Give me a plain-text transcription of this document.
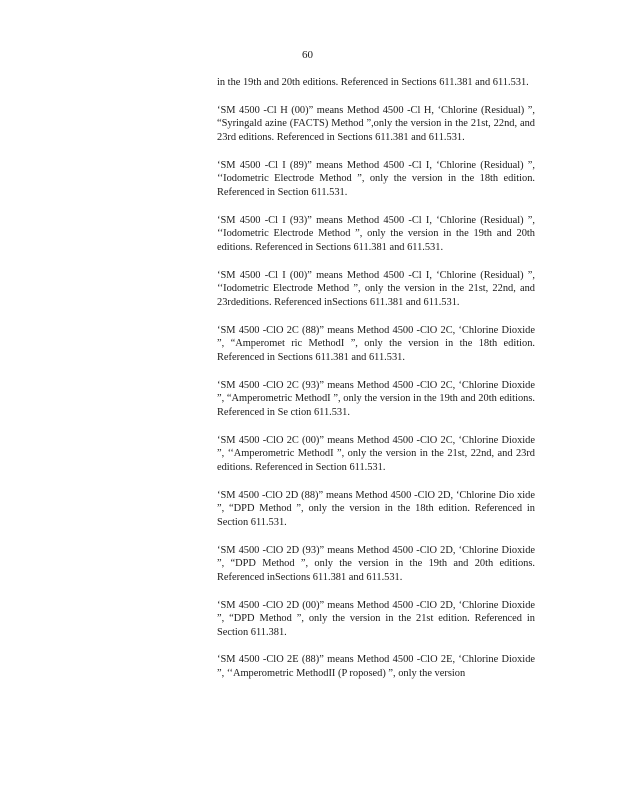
60

in the 19th and 20th editions. Referenced in Sections 611.381 and 611.531.

‘SM 4500 -Cl H (00)” means Method 4500 -Cl H, ‘Chlorine (Residual) ”, “Syringald azine (FACTS) Method ”,only the version in the 21st, 22nd, and 23rd editions. Referenced in Sections 611.381 and 611.531.

‘SM 4500 -Cl I (89)” means Method 4500 -Cl I, ‘Chlorine (Residual) ”, ‘‘Iodometric Electrode Method ”, only the version in the 18th edition. Referenced in Section 611.531.

‘SM 4500 -Cl I (93)” means Method 4500 -Cl I, ‘Chlorine (Residual) ”, ‘‘Iodometric Electrode Method ”, only the version in the 19th and 20th editions. Referenced in Sections 611.381 and 611.531.

‘SM 4500 -Cl I (00)” means Method 4500 -Cl I, ‘Chlorine (Residual) ”, ‘‘Iodometric Electrode Method ”, only the version in the 21st, 22nd, and 23rdeditions. Referenced inSections 611.381 and 611.531.

‘SM 4500 -ClO 2C (88)” means Method 4500 -ClO 2C, ‘Chlorine Dioxide ”, “Amperomet ric MethodI ”, only the version in the 18th edition. Referenced in Sections 611.381 and 611.531.

‘SM 4500 -ClO 2C (93)” means Method 4500 -ClO 2C, ‘Chlorine Dioxide ”, “Amperometric MethodI ”, only the version in the 19th and 20th editions. Referenced in Se ction 611.531.

‘SM 4500 -ClO 2C (00)” means Method 4500 -ClO 2C, ‘Chlorine Dioxide ”, ‘‘Amperometric MethodI ”, only the version in the 21st, 22nd, and 23rd editions. Referenced in Section 611.531.

‘SM 4500 -ClO 2D (88)” means Method 4500 -ClO 2D, ‘Chlorine Dio xide ”, “DPD Method ”, only the version in the 18th edition. Referenced in Section 611.531.

‘SM 4500 -ClO 2D (93)” means Method 4500 -ClO 2D, ‘Chlorine Dioxide ”, “DPD Method ”, only the version in the 19th and 20th editions. Referenced inSections 611.381 and 611.531.

‘SM 4500 -ClO 2D (00)” means Method 4500 -ClO 2D, ‘Chlorine Dioxide ”, “DPD Method ”, only the version in the 21st edition. Referenced in Section 611.381.

‘SM 4500 -ClO 2E (88)” means Method 4500 -ClO 2E, ‘Chlorine Dioxide ”, ‘‘Amperometric MethodII (P roposed) ”, only the version
